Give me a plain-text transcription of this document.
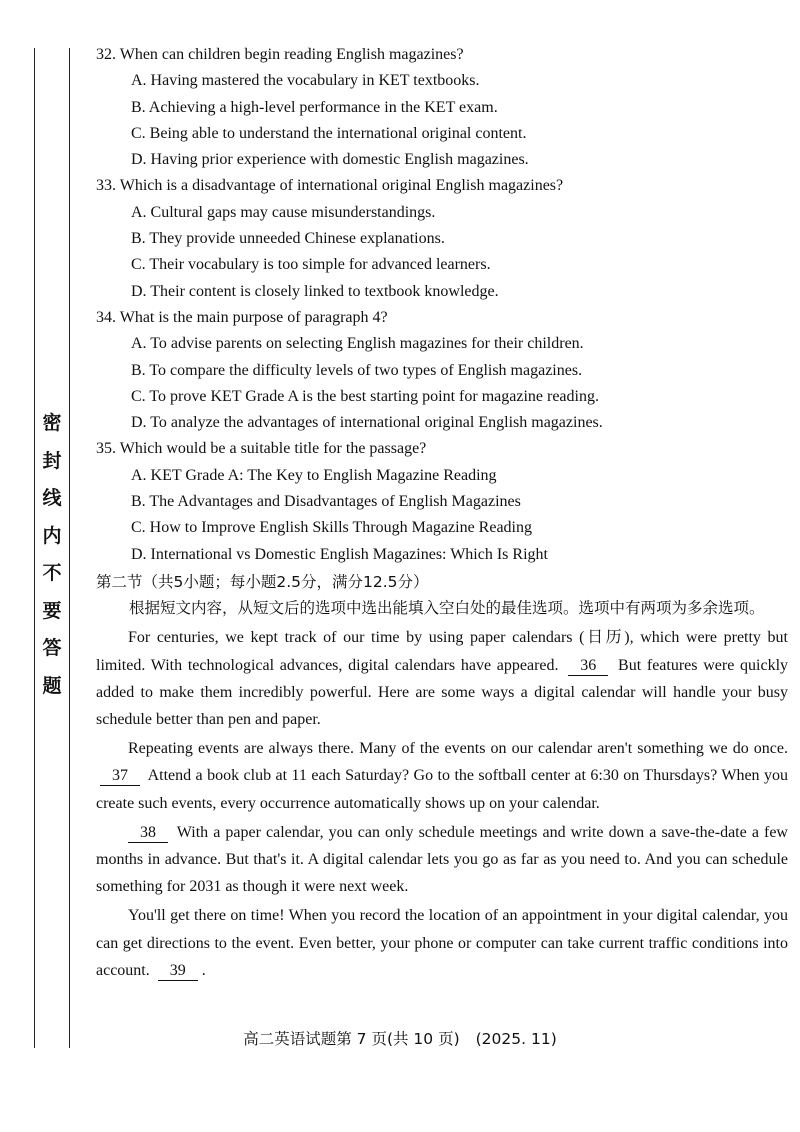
密封线内不要答题
32. When can children begin reading English magazines?
A. Having mastered the vocabulary in KET textbooks.
B. Achieving a high-level performance in the KET exam.
C. Being able to understand the international original content.
D. Having prior experience with domestic English magazines.
33. Which is a disadvantage of international original English magazines?
A. Cultural gaps may cause misunderstandings.
B. They provide unneeded Chinese explanations.
C. Their vocabulary is too simple for advanced learners.
D. Their content is closely linked to textbook knowledge.
34. What is the main purpose of paragraph 4?
A. To advise parents on selecting English magazines for their children.
B. To compare the difficulty levels of two types of English magazines.
C. To prove KET Grade A is the best starting point for magazine reading.
D. To analyze the advantages of international original English magazines.
35. Which would be a suitable title for the passage?
A. KET Grade A: The Key to English Magazine Reading
B. The Advantages and Disadvantages of English Magazines
C. How to Improve English Skills Through Magazine Reading
D. International vs Domestic English Magazines: Which Is Right
第二节（共5小题；每小题2.5分，满分12.5分）

根据短文内容，从短文后的选项中选出能填入空白处的最佳选项。选项中有两项为多余选项。

For centuries, we kept track of our time by using paper calendars (日历), which were pretty but limited. With technological advances, digital calendars have appeared. 36 But features were quickly added to make them incredibly powerful. Here are some ways a digital calendar will handle your busy schedule better than pen and paper.

Repeating events are always there. Many of the events on our calendar aren't something we do once. 37 Attend a book club at 11 each Saturday? Go to the softball center at 6:30 on Thursdays? When you create such events, every occurrence automatically shows up on your calendar.

38 With a paper calendar, you can only schedule meetings and write down a save-the-date a few months in advance. But that's it. A digital calendar lets you go as far as you need to. And you can schedule something for 2031 as though it were next week.

You'll get there on time! When you record the location of an appointment in your digital calendar, you can get directions to the event. Even better, your phone or computer can take current traffic conditions into account. 39 .

高二英语试题第 7 页(共 10 页) (2025. 11)
